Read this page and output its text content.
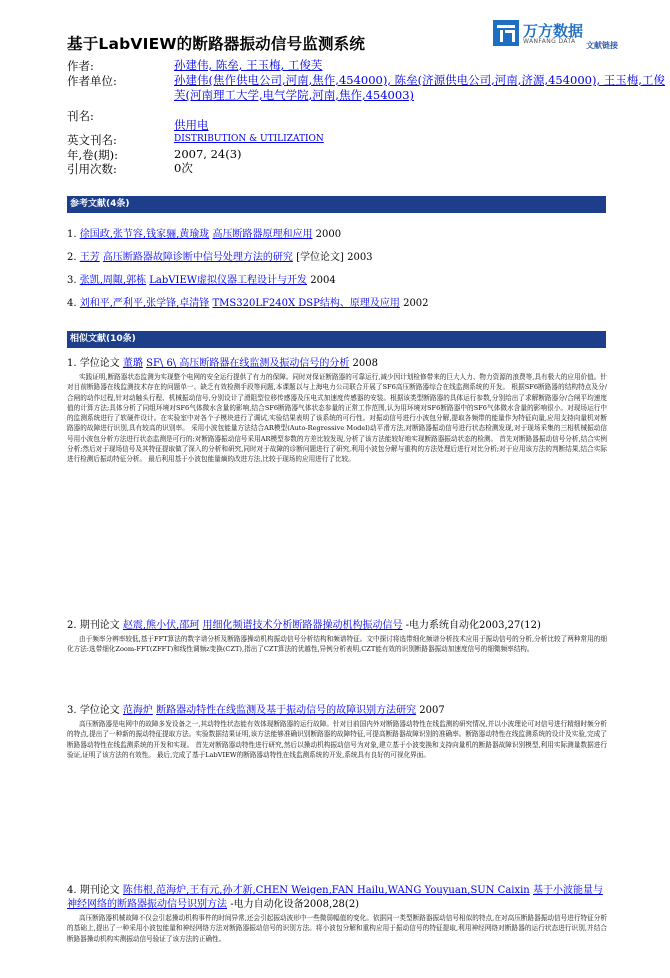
基于LabVIEW的断路器振动信号监测系统
万方数据
WANFANG DATA 文献链接
作者:	孙建伟, 陈垒, 王玉梅, 工俊芙
作者单位:	孙建伟(焦作供电公司,河南,焦作,454000), 陈垒(济源供电公司,河南,济源,454000), 王玉梅,工俊芙(河南理工大学,电气学院,河南,焦作,454003)
刊名:
供用电
英文刊名:	DISTRIBUTION & UTILIZATION
年,卷(期):	2007, 24(3)
引用次数:	0次
参考文献(4条)
1. 徐国政,张节容,钱家骊,黄瑜珑 高压断路器原理和应用 2000
2. 王芳 高压断路器故障诊断中信号处理方法的研究 [学位论文] 2003
3. 张凯,周陬,郭栋 LabVIEW虚拟仪器工程设计与开发 2004
4. 刘和平,严利平,张学锋,卓清锋 TMS320LF240X DSP结构、原理及应用 2002
相似文献(10条)
1. 学位论文 董璐 SF\ 6\ 高压断路器在线监测及振动信号的分析 2008
实践证明,断路器状态监测为实现整个电网的安全运行提供了有力的保障。同时对保证断路器的可靠运行,减少因计划检修带来的巨大人力、物力资源的浪费等,具有极大的应用价值。针对目前断路器在线监测技术存在的问题单一、缺乏有效检测手段等问题,本课题以与上海电力公司联合开展了SF6高压断路器综合在线监测系统的开发。 根据SF6断路器的结构特点及分/合闸的动作过程,针对动触头行程、机械振动信号,分别设计了滑阻型位移传感器及压电式加速度传感器的安装。根据该类型断路器的具体运行参数,分别给出了求解断路器分/合闸平均速度值的计算方法;具体分析了同组环境对SF6气体微水含量的影响,结合SF6断路器气体状态参量的正常工作范围,认为用环境对SF6断路器中的SF6气体微水含量的影响很小。对现场运行中的监测系统进行了软硬件设计。在实验室中对各个子模块进行了调试,实验结果表明了该系统的可行性。对振动信号进行小波包分解,提取各频带的能量作为特征向量,应用支持向量机对断路器的故障进行识别,具有较高的识别率。 采用小波包能量方法结合AR模型(Auto-Regressive Model)动平滑方法,对断路器振动信号进行状态检测发现,对于现场采集的三相机械振动信号用小波包分析方法进行状态监测是可行的;对断路器振动信号采用AR模型参数的方差比较发现,分析了该方法能较好地实现断路器振动状态的检测。 首先对断路器振动信号分析,结合实例分析;然后对于现场信号及其特征提取做了深入的分析和研究,同时对于故障的诊断问题进行了研究,利用小波包分解与重构的方法处理后进行对比分析;对于应用该方法的判断结果,结合实际进行检测后振动特征分析。 最后利用基于小波包能量熵的改进方法,比较于现场的应用进行了比较。
2. 期刊论文 赵震,熊小伏,邵珂 用细化频谱技术分析断路器操动机构振动信号 -电力系统自动化2003,27(12)
由于频率分辨率较低,基于FFT算法的数字谱分析及断路器操动机构振动信号分析结构和频谱特征。文中探讨将选带细化频谱分析技术应用于振动信号的分析,分析比较了两种常用的细化方法:选带细化Zoom-FFT(ZFFT)和线性调频z变换(CZT),指出了CZT算法的优越性,异例分析表明,CZT能有效的识别断路器振动加速度信号的细微频率结构。
3. 学位论文 范海炉 断路器动特性在线监测及基于振动信号的故障识别方法研究 2007
高压断路器是电网中的故障多发设备之一,其动特性状态能有效体现断路器的运行故障。针对目前国内外对断路器动特性在线监测的研究情况,并以小波理论可对信号进行精细时频分析的特点,提出了一种新的振动特征提取方法。实验数据结果证明,该方法能够准确识别断路器的故障特征,可提高断路器故障识别的准确率。断路器动特性在线监测系统的设计及实验,完成了断路器动特性在线监测系统的开发和实现。 首先对断路器动特性进行研究,然后以操动机构振动信号为对象,建立基于小波变换和支持向量机的断路器故障识别模型,利用实际测量数据进行验证,证明了该方法的有效性。 最后,完成了基于LabVIEW的断路器动特性在线监测系统的开发,系统具有良好的可视化界面。
4. 期刊论文 陈伟根,范海炉,王有元,孙才新,CHEN Weigen,FAN Hailu,WANG Youyuan,SUN Caixin 基于小波能量与神经网络的断路器振动信号识别方法 -电力自动化设备2008,28(2)
高压断路器机械故障不仅会引起操动机构事件的时间异常,还会引起振动波形中一些微弱幅值的变化。依据同一类型断路器振动信号相似的特点,在对高压断路器振动信号进行特征分析的基础上,提出了一种采用小波包能量和神经网络方法对断路器振动信号的识别方法。将小波包分解和重构应用于振动信号的特征提取,利用神经网络对断路器的运行状态进行识别,并结合断路器操动机构实测振动信号验证了该方法的正确性。
